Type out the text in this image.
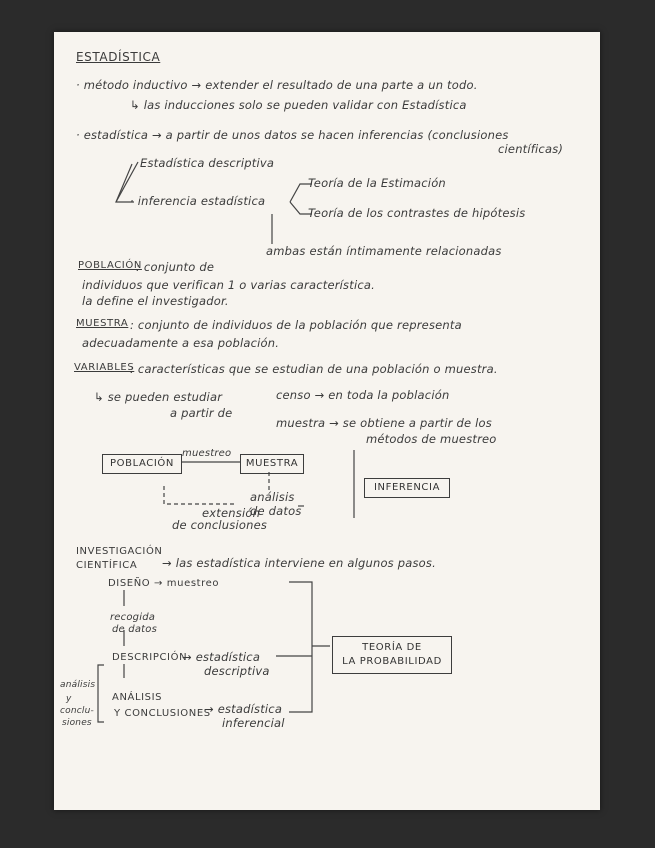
ESTADÍSTICA
· método inductivo → extender el resultado de una parte a un todo.
↳ las inducciones solo se pueden validar con Estadística
· estadística → a partir de unos datos se hacen inferencias (conclusiones
científicas)
Estadística descriptiva
· inferencia estadística
Teoría de la Estimación
Teoría de los contrastes de hipótesis
ambas están íntimamente relacionadas
POBLACIÓN
: conjunto de
individuos que verifican 1 o varias característica.
la define el investigador.
MUESTRA : conjunto de individuos de la población que representa
adecuadamente a esa población.
VARIABLES
: características que se estudian de una población o muestra.
↳ se pueden estudiar
a partir de
censo → en toda la población
muestra → se obtiene a partir de los
métodos de muestreo
muestreo
POBLACIÓN	MUESTRA
INFERENCIA
extensión
de conclusiones
análisis
de datos
INVESTIGACIÓN
CIENTÍFICA → las estadística interviene en algunos pasos.
DISEÑO → muestreo
recogida
de datos
DESCRIPCIÓN
→ estadística
descriptiva
ANÁLISIS
Y CONCLUSIONES
→ estadística
inferencial
análisis
y
conclu-
siones
TEORÍA DE
LA PROBABILIDAD
